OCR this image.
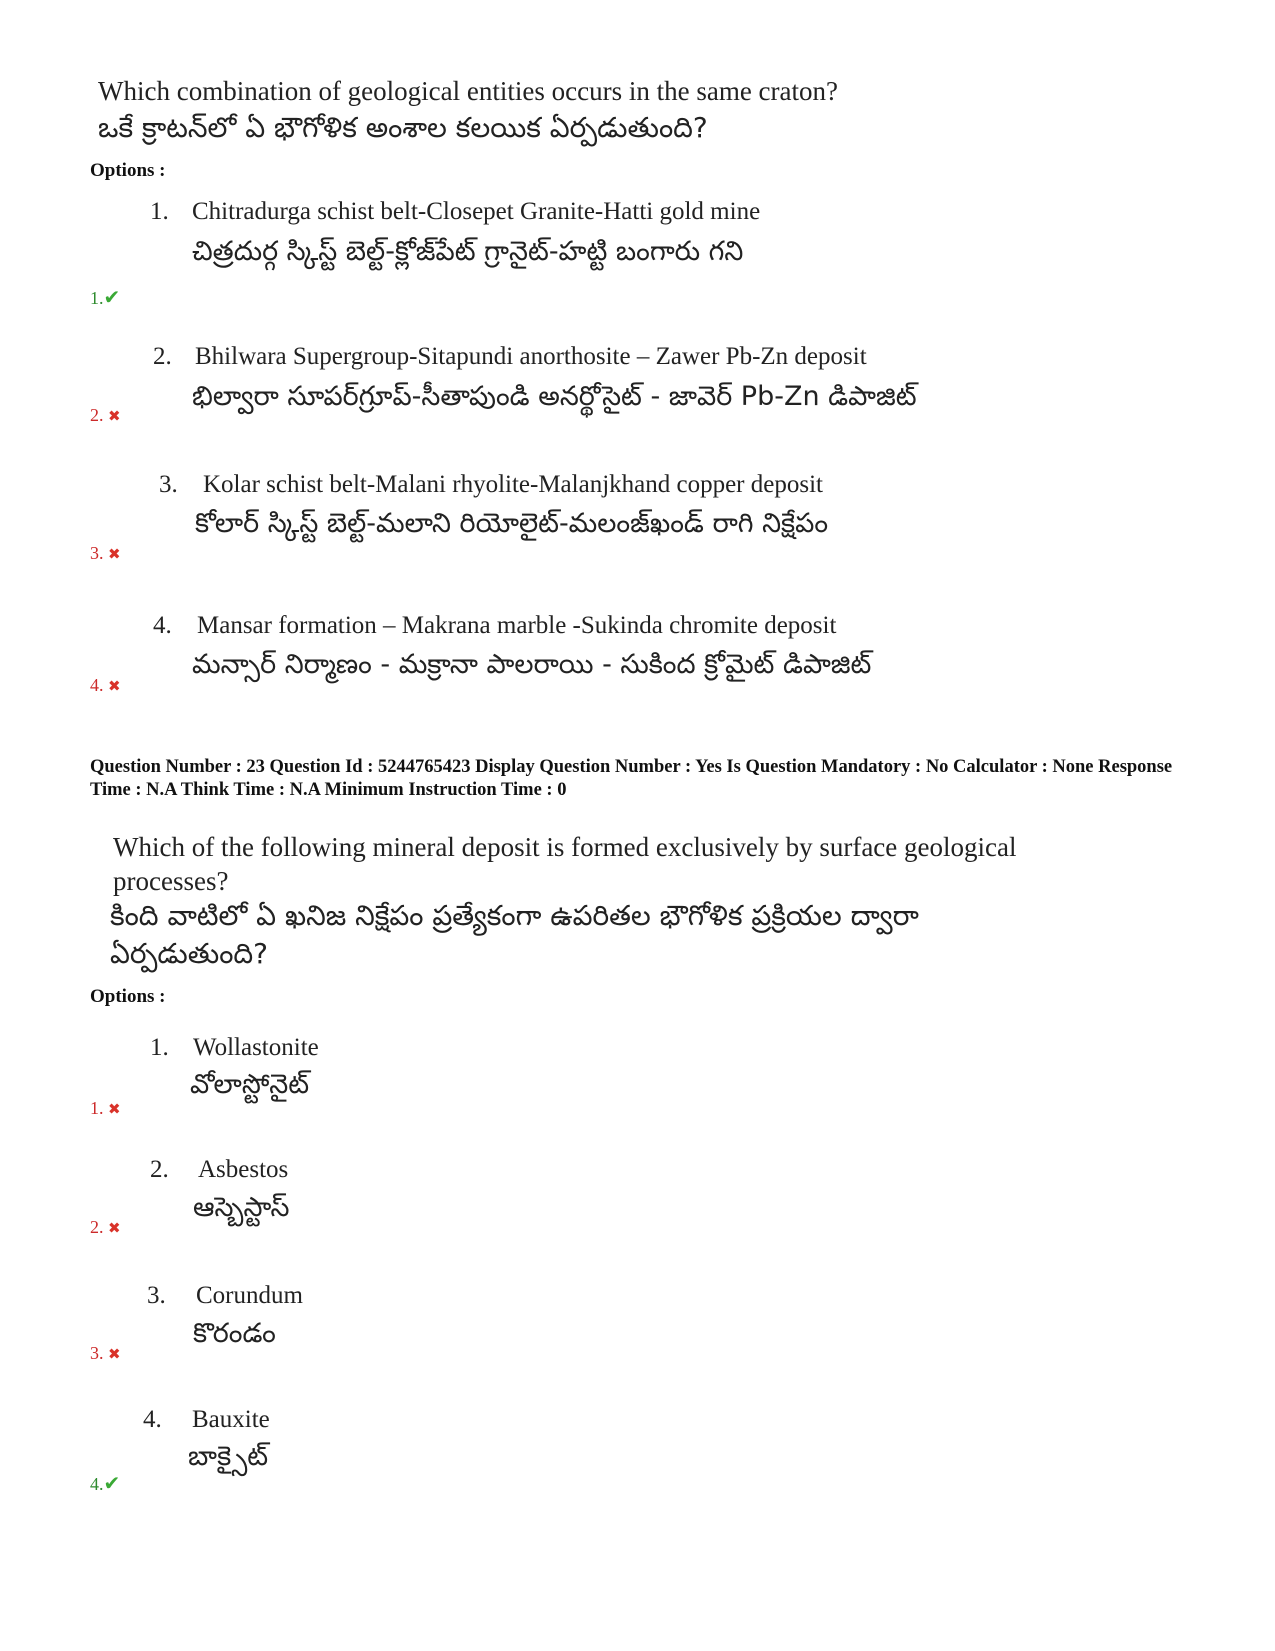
Which combination of geological entities occurs in the same craton?
ఒకే క్రాటన్‌లో ఏ భౌగోళిక అంశాల కలయిక ఏర్పడుతుంది?
Options :
1. Chitradurga schist belt-Closepet Granite-Hatti gold mine
చిత్రదుర్గ స్కిస్ట్ బెల్ట్-క్లోజ్‌పేట్ గ్రానైట్-హట్టి బంగారు గని
1.✔
2. Bhilwara Supergroup-Sitapundi anorthosite – Zawer Pb-Zn deposit
భిల్వారా సూపర్‌గ్రూప్-సీతాపుండి అనర్థోసైట్ - జావెర్ Pb-Zn డిపాజిట్
2. ✖
3. Kolar schist belt-Malani rhyolite-Malanjkhand copper deposit
కోలార్ స్కిస్ట్ బెల్ట్-మలాని రియోలైట్-మలంజ్‌ఖండ్ రాగి నిక్షేపం
3. ✖
4. Mansar formation – Makrana marble -Sukinda chromite deposit
మన్సార్ నిర్మాణం - మక్రానా పాలరాయి - సుకింద క్రోమైట్ డిపాజిట్
4. ✖
Question Number : 23 Question Id : 5244765423 Display Question Number : Yes Is Question Mandatory : No Calculator : None Response Time : N.A Think Time : N.A Minimum Instruction Time : 0
Which of the following mineral deposit is formed exclusively by surface geological
processes?
కింది వాటిలో ఏ ఖనిజ నిక్షేపం ప్రత్యేకంగా ఉపరితల భౌగోళిక ప్రక్రియల ద్వారా
ఏర్పడుతుంది?
Options :
1. Wollastonite
వోలాస్టోనైట్
1. ✖
2. Asbestos
ఆస్బెస్టాస్
2. ✖
3. Corundum
కొరండం
3. ✖
4. Bauxite
బాక్సైట్
4.✔
